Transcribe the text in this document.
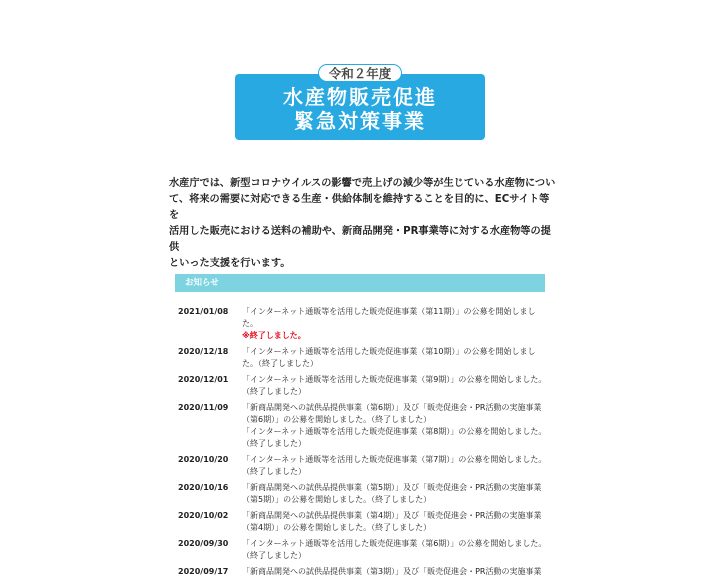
令和２年度
水産物販売促進
緊急対策事業
水産庁では、新型コロナウイルスの影響で売上げの減少等が生じている水産物につい
て、将来の需要に対応できる生産・供給体制を維持することを目的に、ECサイト等を
活用した販売における送料の補助や、新商品開発・PR事業等に対する水産物等の提供
といった支援を行います。
お知らせ
2021/01/08	「インターネット通販等を活用した販売促進事業（第11期）」の公募を開始しまし
た。
※終了しました。
2020/12/18	「インターネット通販等を活用した販売促進事業（第10期）」の公募を開始しまし
た。（終了しました）
2020/12/01	「インターネット通販等を活用した販売促進事業（第9期）」の公募を開始しました。
（終了しました）
2020/11/09	「新商品開発への試供品提供事業（第6期）」及び「販売促進会・PR活動の実施事業
（第6期）」の公募を開始しました。（終了しました）
「インターネット通販等を活用した販売促進事業（第8期）」の公募を開始しました。
（終了しました）
2020/10/20	「インターネット通販等を活用した販売促進事業（第7期）」の公募を開始しました。
（終了しました）
2020/10/16	「新商品開発への試供品提供事業（第5期）」及び「販売促進会・PR活動の実施事業
（第5期）」の公募を開始しました。（終了しました）
2020/10/02	「新商品開発への試供品提供事業（第4期）」及び「販売促進会・PR活動の実施事業
（第4期）」の公募を開始しました。（終了しました）
2020/09/30	「インターネット通販等を活用した販売促進事業（第6期）」の公募を開始しました。
（終了しました）
2020/09/17	「新商品開発への試供品提供事業（第3期）」及び「販売促進会・PR活動の実施事業
